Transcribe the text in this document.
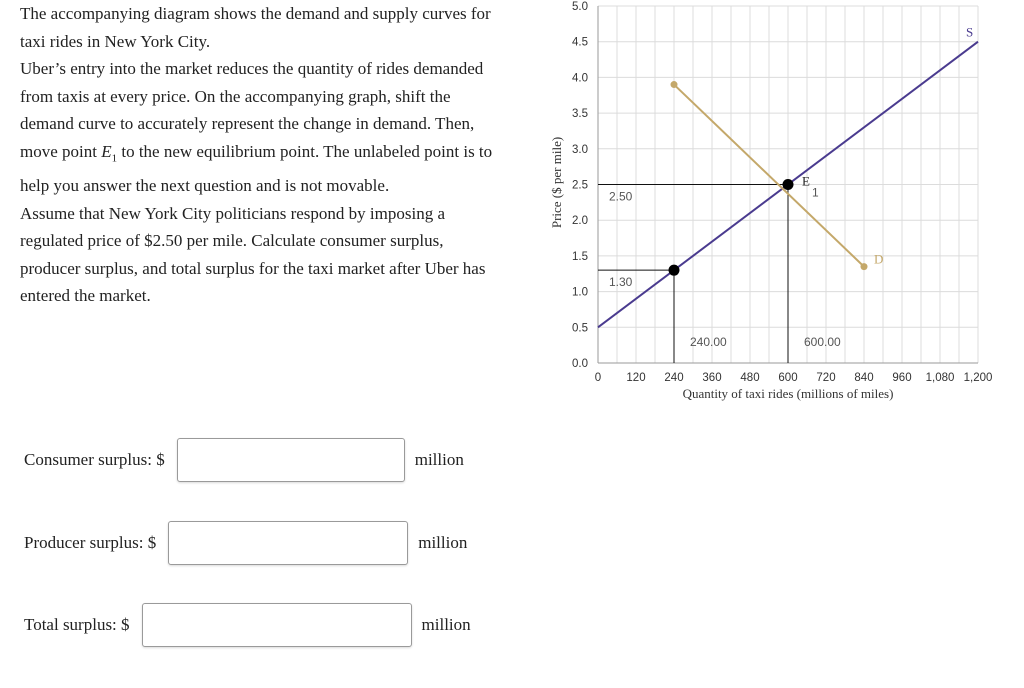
The accompanying diagram shows the demand and supply curves for taxi rides in New York City.

Uber’s entry into the market reduces the quantity of rides demanded from taxis at every price. On the accompanying graph, shift the demand curve to accurately represent the change in demand. Then, move point $E_1$ to the new equilibrium point. The unlabeled point is to help you answer the next question and is not movable.

Assume that New York City politicians respond by imposing a regulated price of $2.50 per mile. Calculate consumer surplus, producer surplus, and total surplus for the taxi market after Uber has entered the market.

Consumer surplus: $	million
Producer surplus: $	million
Total surplus: $	million
0.0
0.5
1.0
1.5
2.0
2.5
3.0
3.5
4.0
4.5
5.0
0 120 240 360 480 600 720 840 960 1,080 1,200
Quantity of taxi rides (millions of miles)
Price ($ per mile)	2.50
600.00
1.30
240.00
S
D
E
1
